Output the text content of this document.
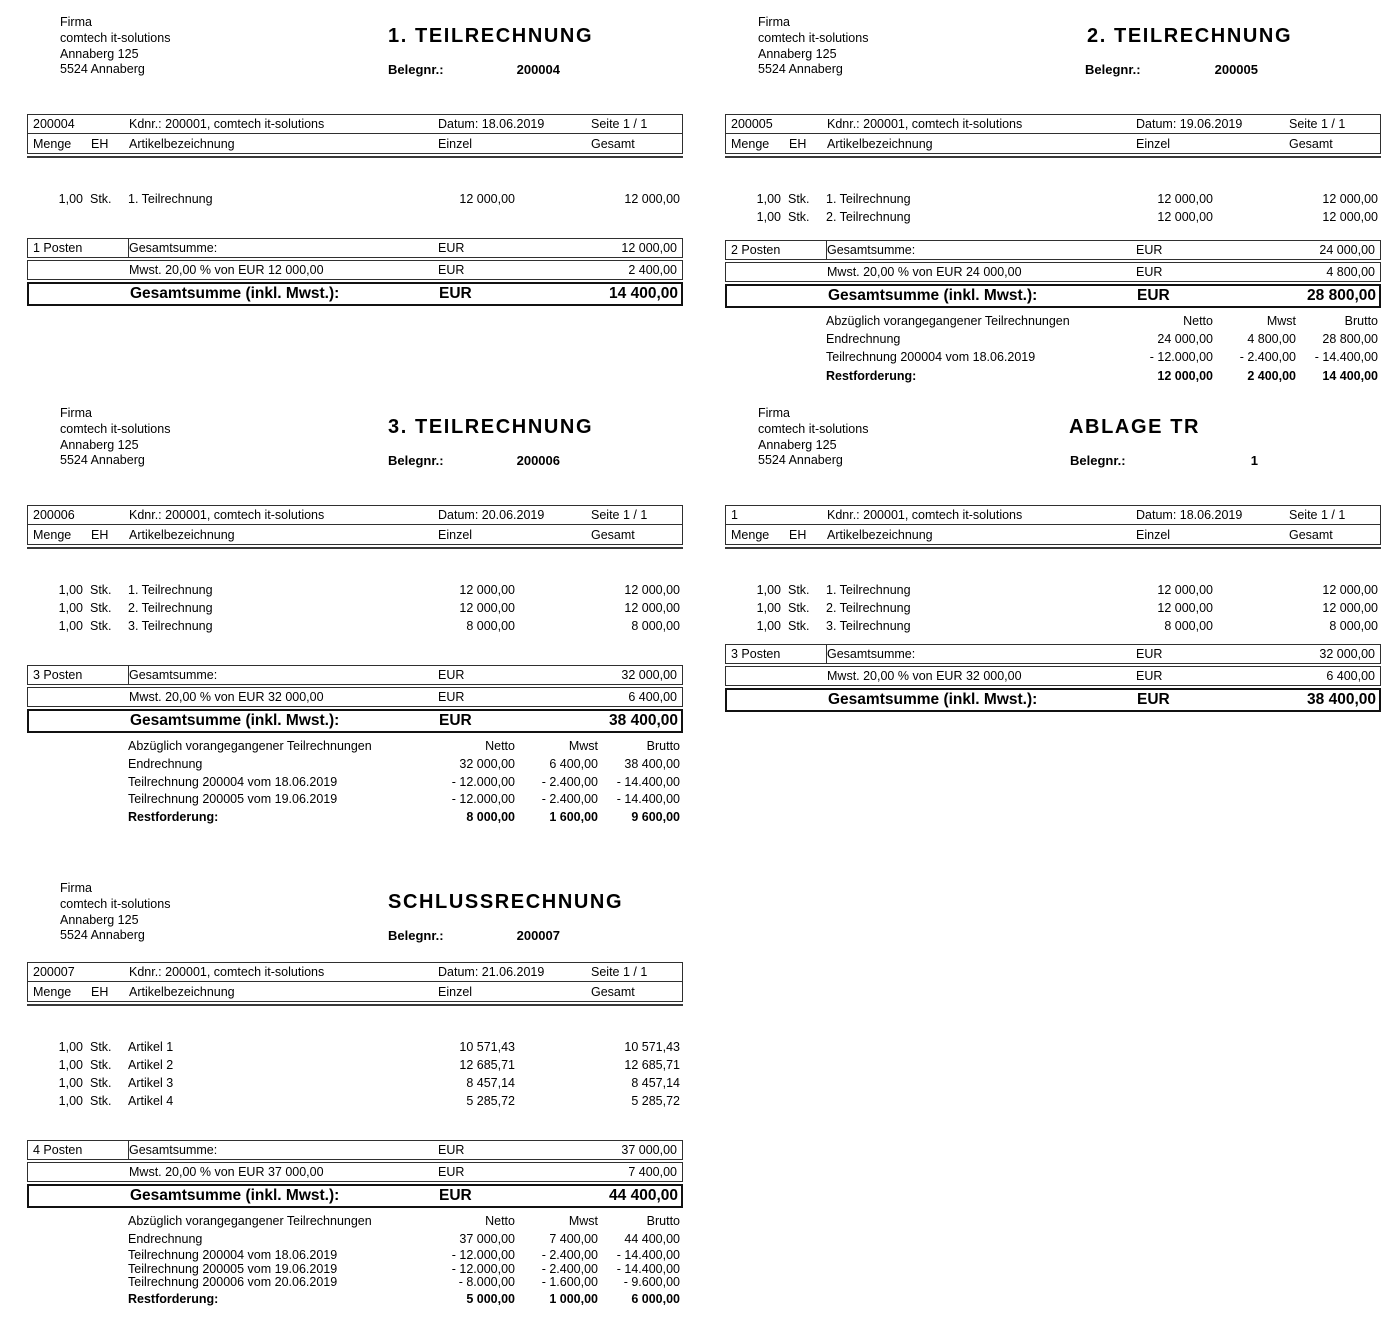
Firma
comtech it-solutions
Annaberg 125
5524 Annaberg
1. TEILRECHNUNG
Belegnr.:	200004
200004	Kdnr.: 200001, comtech it-solutions	Datum: 18.06.2019	Seite 1 / 1
Menge	EH	Artikelbezeichnung	Einzel	Gesamt
1,00 Stk.	1. Teilrechnung	12 000,00	12 000,00
1 Posten	Gesamtsumme:	EUR	12 000,00
Mwst. 20,00 % von EUR 12 000,00	EUR	2 400,00
Gesamtsumme (inkl. Mwst.):	EUR	14 400,00
Firma
comtech it-solutions
Annaberg 125
5524 Annaberg
2. TEILRECHNUNG
Belegnr.:	200005
200005	Kdnr.: 200001, comtech it-solutions	Datum: 19.06.2019	Seite 1 / 1
Menge	EH	Artikelbezeichnung	Einzel	Gesamt
1,00 Stk.	1. Teilrechnung	12 000,00	12 000,00
1,00 Stk.	2. Teilrechnung	12 000,00	12 000,00
2 Posten	Gesamtsumme:	EUR	24 000,00
Mwst. 20,00 % von EUR 24 000,00	EUR	4 800,00
Gesamtsumme (inkl. Mwst.):	EUR	28 800,00
Abzüglich vorangegangener Teilrechnungen	Netto	Mwst	Brutto
Endrechnung	24 000,00	4 800,00	28 800,00
Teilrechnung 200004 vom 18.06.2019	- 12.000,00	- 2.400,00	- 14.400,00
Restforderung:	12 000,00	2 400,00	14 400,00
Firma
comtech it-solutions
Annaberg 125
5524 Annaberg
3. TEILRECHNUNG
Belegnr.:	200006
200006	Kdnr.: 200001, comtech it-solutions	Datum: 20.06.2019	Seite 1 / 1
Menge	EH	Artikelbezeichnung	Einzel	Gesamt
1,00 Stk.	1. Teilrechnung	12 000,00	12 000,00
1,00 Stk.	2. Teilrechnung	12 000,00	12 000,00
1,00 Stk.	3. Teilrechnung	8 000,00	8 000,00
3 Posten	Gesamtsumme:	EUR	32 000,00
Mwst. 20,00 % von EUR 32 000,00	EUR	6 400,00
Gesamtsumme (inkl. Mwst.):	EUR	38 400,00
Abzüglich vorangegangener Teilrechnungen	Netto	Mwst	Brutto
Endrechnung	32 000,00	6 400,00	38 400,00
Teilrechnung 200004 vom 18.06.2019	- 12.000,00	- 2.400,00	- 14.400,00
Teilrechnung 200005 vom 19.06.2019	- 12.000,00	- 2.400,00	- 14.400,00
Restforderung:	8 000,00	1 600,00	9 600,00
Firma
comtech it-solutions
Annaberg 125
5524 Annaberg
ABLAGE TR
Belegnr.:	1
1	Kdnr.: 200001, comtech it-solutions	Datum: 18.06.2019	Seite 1 / 1
Menge	EH	Artikelbezeichnung	Einzel	Gesamt
1,00 Stk.	1. Teilrechnung	12 000,00	12 000,00
1,00 Stk.	2. Teilrechnung	12 000,00	12 000,00
1,00 Stk.	3. Teilrechnung	8 000,00	8 000,00
3 Posten	Gesamtsumme:	EUR	32 000,00
Mwst. 20,00 % von EUR 32 000,00	EUR	6 400,00
Gesamtsumme (inkl. Mwst.):	EUR	38 400,00
Firma
comtech it-solutions
Annaberg 125
5524 Annaberg
SCHLUSSRECHNUNG
Belegnr.:	200007
200007	Kdnr.: 200001, comtech it-solutions	Datum: 21.06.2019	Seite 1 / 1
Menge	EH	Artikelbezeichnung	Einzel	Gesamt
1,00 Stk.	Artikel 1	10 571,43	10 571,43
1,00 Stk.	Artikel 2	12 685,71	12 685,71
1,00 Stk.	Artikel 3	8 457,14	8 457,14
1,00 Stk.	Artikel 4	5 285,72	5 285,72
4 Posten	Gesamtsumme:	EUR	37 000,00
Mwst. 20,00 % von EUR 37 000,00	EUR	7 400,00
Gesamtsumme (inkl. Mwst.):	EUR	44 400,00
Abzüglich vorangegangener Teilrechnungen	Netto	Mwst	Brutto
Endrechnung	37 000,00	7 400,00	44 400,00
Teilrechnung 200004 vom 18.06.2019	- 12.000,00	- 2.400,00	- 14.400,00
Teilrechnung 200005 vom 19.06.2019	- 12.000,00	- 2.400,00	- 14.400,00
Teilrechnung 200006 vom 20.06.2019	- 8.000,00	- 1.600,00	- 9.600,00
Restforderung:	5 000,00	1 000,00	6 000,00
